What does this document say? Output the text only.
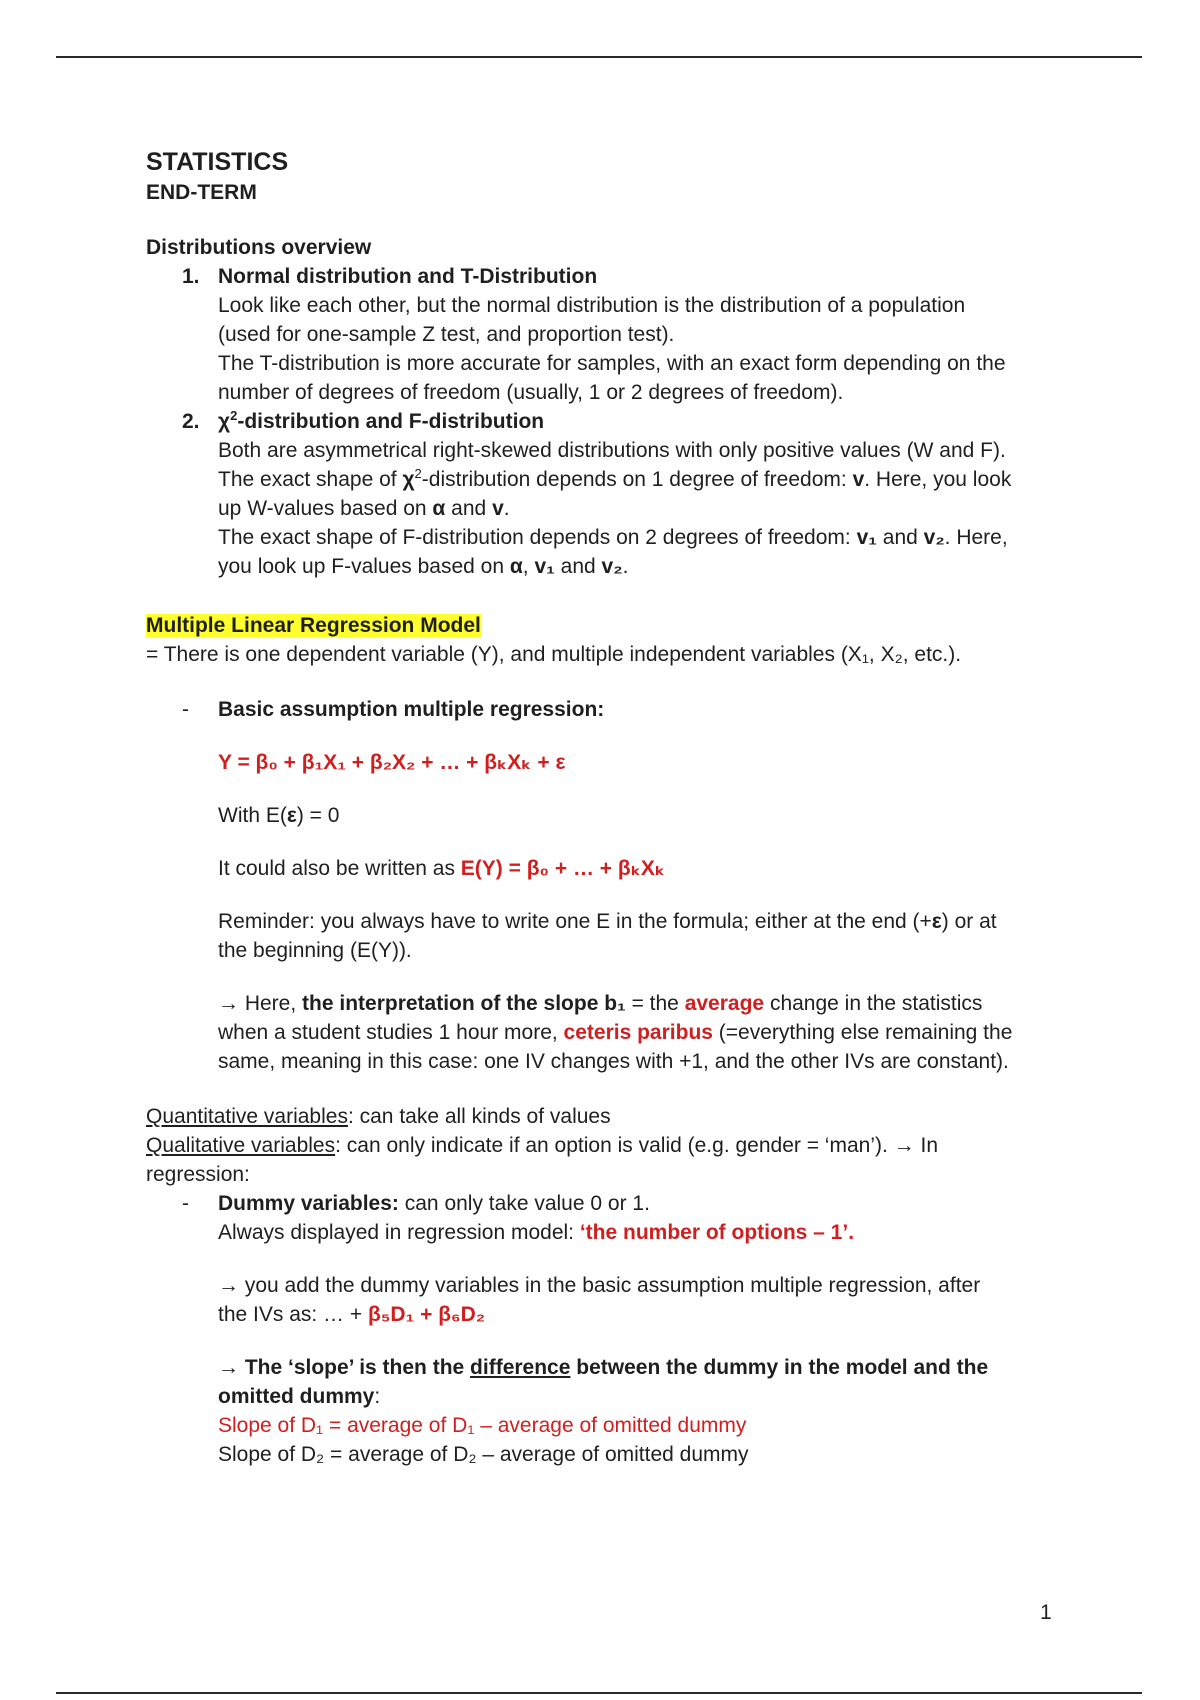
STATISTICS

END-TERM

Distributions overview

1. Normal distribution and T-Distribution

Look like each other, but the normal distribution is the distribution of a population

(used for one-sample Z test, and proportion test).

The T-distribution is more accurate for samples, with an exact form depending on the

number of degrees of freedom (usually, 1 or 2 degrees of freedom).

2. $\chi^2$-distribution and F-distribution

Both are asymmetrical right-skewed distributions with only positive values (W and F).

The exact shape of $\chi^2$-distribution depends on 1 degree of freedom: v. Here, you look

up W-values based on α and v.

The exact shape of F-distribution depends on 2 degrees of freedom: v₁ and v₂. Here,

you look up F-values based on α, v₁ and v₂.

Multiple Linear Regression Model

= There is one dependent variable (Y), and multiple independent variables (X₁, X₂, etc.).

- Basic assumption multiple regression:

Y = β₀ + β₁X₁ + β₂X₂ + … + βₖXₖ + ε

With E(ε) = 0

It could also be written as E(Y) = β₀ + … + βₖXₖ

Reminder: you always have to write one E in the formula; either at the end (+ε) or at

the beginning (E(Y)).

→ Here, the interpretation of the slope b₁ = the average change in the statistics

when a student studies 1 hour more, ceteris paribus (=everything else remaining the

same, meaning in this case: one IV changes with +1, and the other IVs are constant).

Quantitative variables: can take all kinds of values

Qualitative variables: can only indicate if an option is valid (e.g. gender = ‘man’). → In

regression:

- Dummy variables: can only take value 0 or 1.

Always displayed in regression model: ‘the number of options – 1’.

→ you add the dummy variables in the basic assumption multiple regression, after

the IVs as: … + β₅D₁ + β₆D₂

→ The ‘slope’ is then the difference between the dummy in the model and the

omitted dummy:

Slope of D₁ = average of D₁ – average of omitted dummy

Slope of D₂ = average of D₂ – average of omitted dummy

1
